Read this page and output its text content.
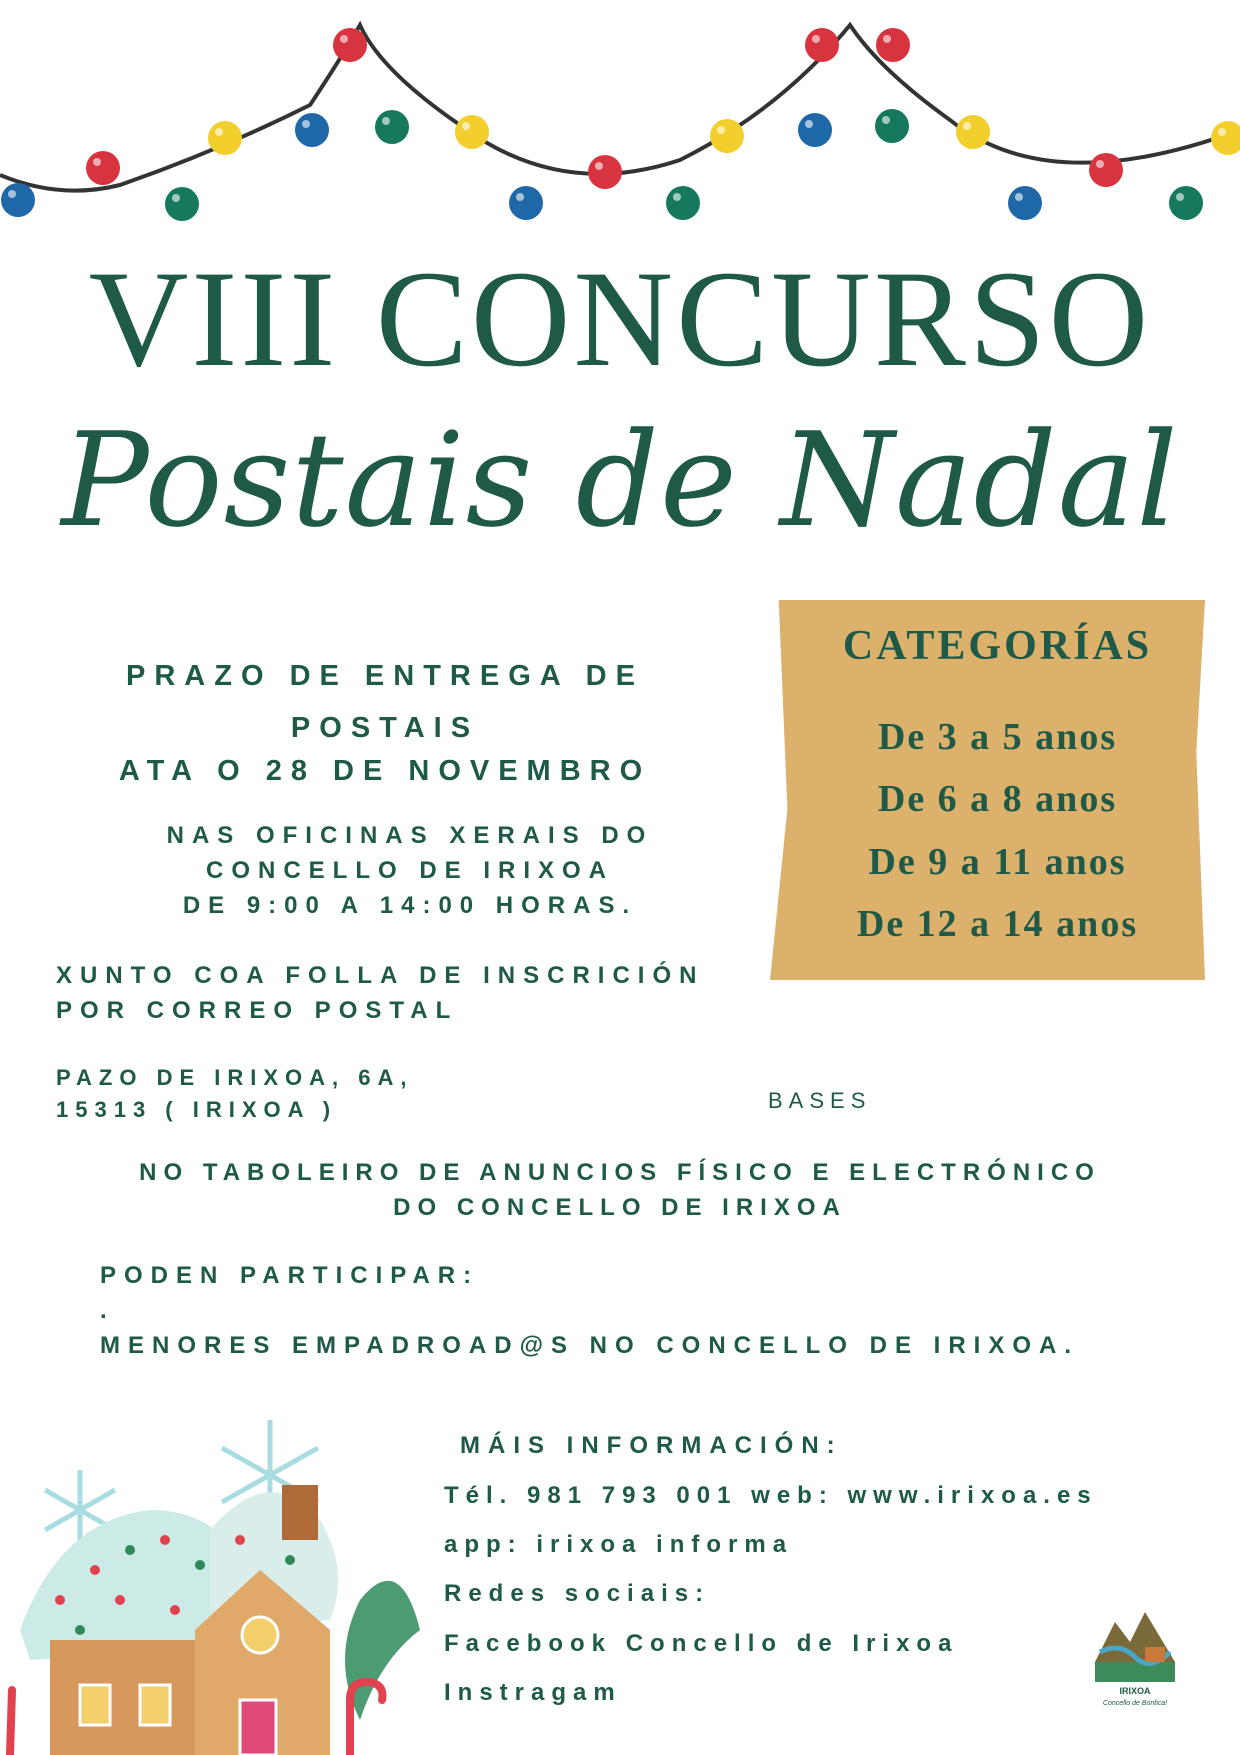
VIII CONCURSO
Postais de Nadal
PRAZO DE ENTREGA DE POSTAIS
ATA O 28 DE NOVEMBRO
NAS OFICINAS XERAIS DO
CONCELLO DE IRIXOA
DE 9:00 A 14:00 HORAS.
XUNTO COA FOLLA DE INSCRICIÓN
POR CORREO POSTAL
PAZO DE IRIXOA, 6A,
15313 ( IRIXOA )	BASES
NO TABOLEIRO DE ANUNCIOS FÍSICO E ELECTRÓNICO
DO CONCELLO DE IRIXOA
PODEN PARTICIPAR:
.
MENORES EMPADROAD@S NO CONCELLO DE IRIXOA.
CATEGORÍAS
De 3 a 5 anos
De 6 a 8 anos
De 9 a 11 anos
De 12 a 14 anos
MÁIS INFORMACIÓN:
Tél. 981 793 001 web: www.irixoa.es
app: irixoa informa
Redes sociais:
Facebook Concello de Irixoa
Instragam	IRIXOA
Concello de Bonfica!
